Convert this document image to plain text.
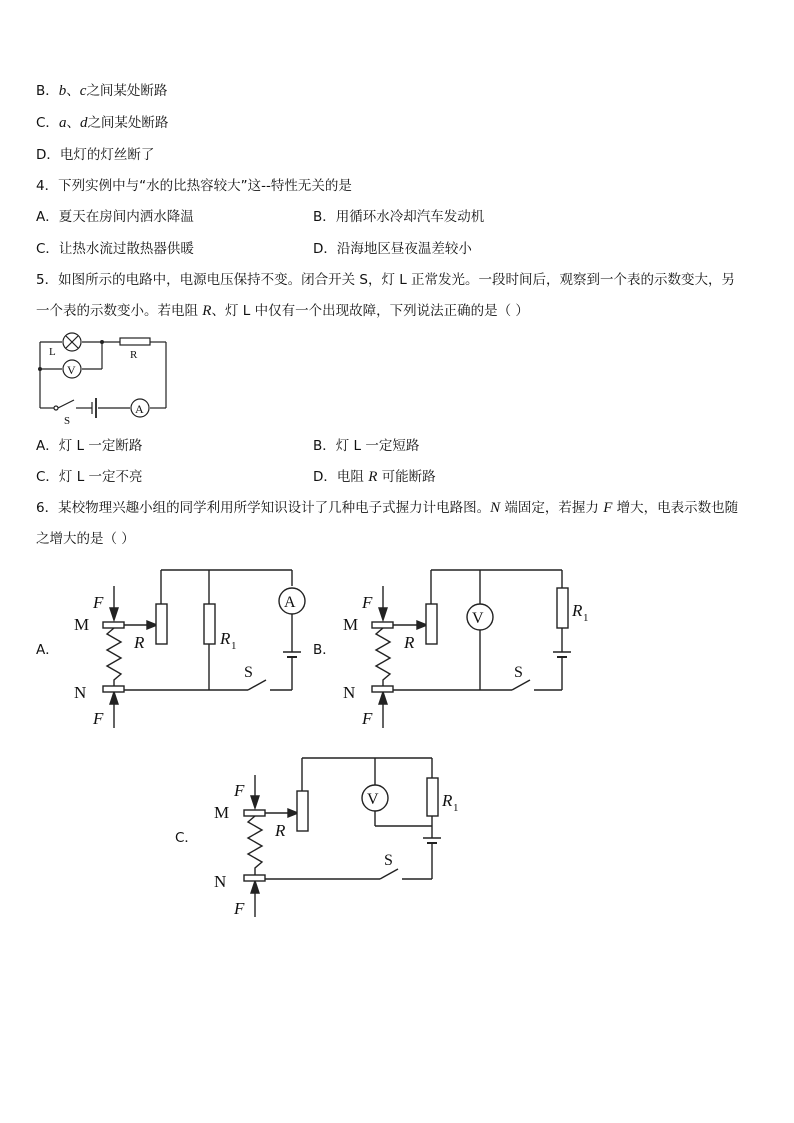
B．b、c之间某处断路
C．a、d之间某处断路
D．电灯的灯丝断了
4．下列实例中与“水的比热容较大”这--特性无关的是
A．夏天在房间内洒水降温	B．用循环水冷却汽车发动机
C．让热水流过散热器供暖	D．沿海地区昼夜温差较小
5．如图所示的电路中，电源电压保持不变。闭合开关 S，灯 L 正常发光。一段时间后，观察到一个表的示数变大，另
一个表的示数变小。若电阻 R、灯 L 中仅有一个出现故障，下列说法正确的是（ ）
L	R
V
A
S
A．灯 L 一定断路	B．灯 L 一定短路
C．灯 L 一定不亮	D．电阻 R 可能断路
6．某校物理兴趣小组的同学利用所学知识设计了几种电子式握力计电路图。N 端固定，若握力 F 增大，电表示数也随
之增大的是（ ）
A．	B．
C．
F
M
R	R 1
A
S
N
F
F
M
R
V	R 1
S
N
F
F
M
R
V	R 1
S
N
F
